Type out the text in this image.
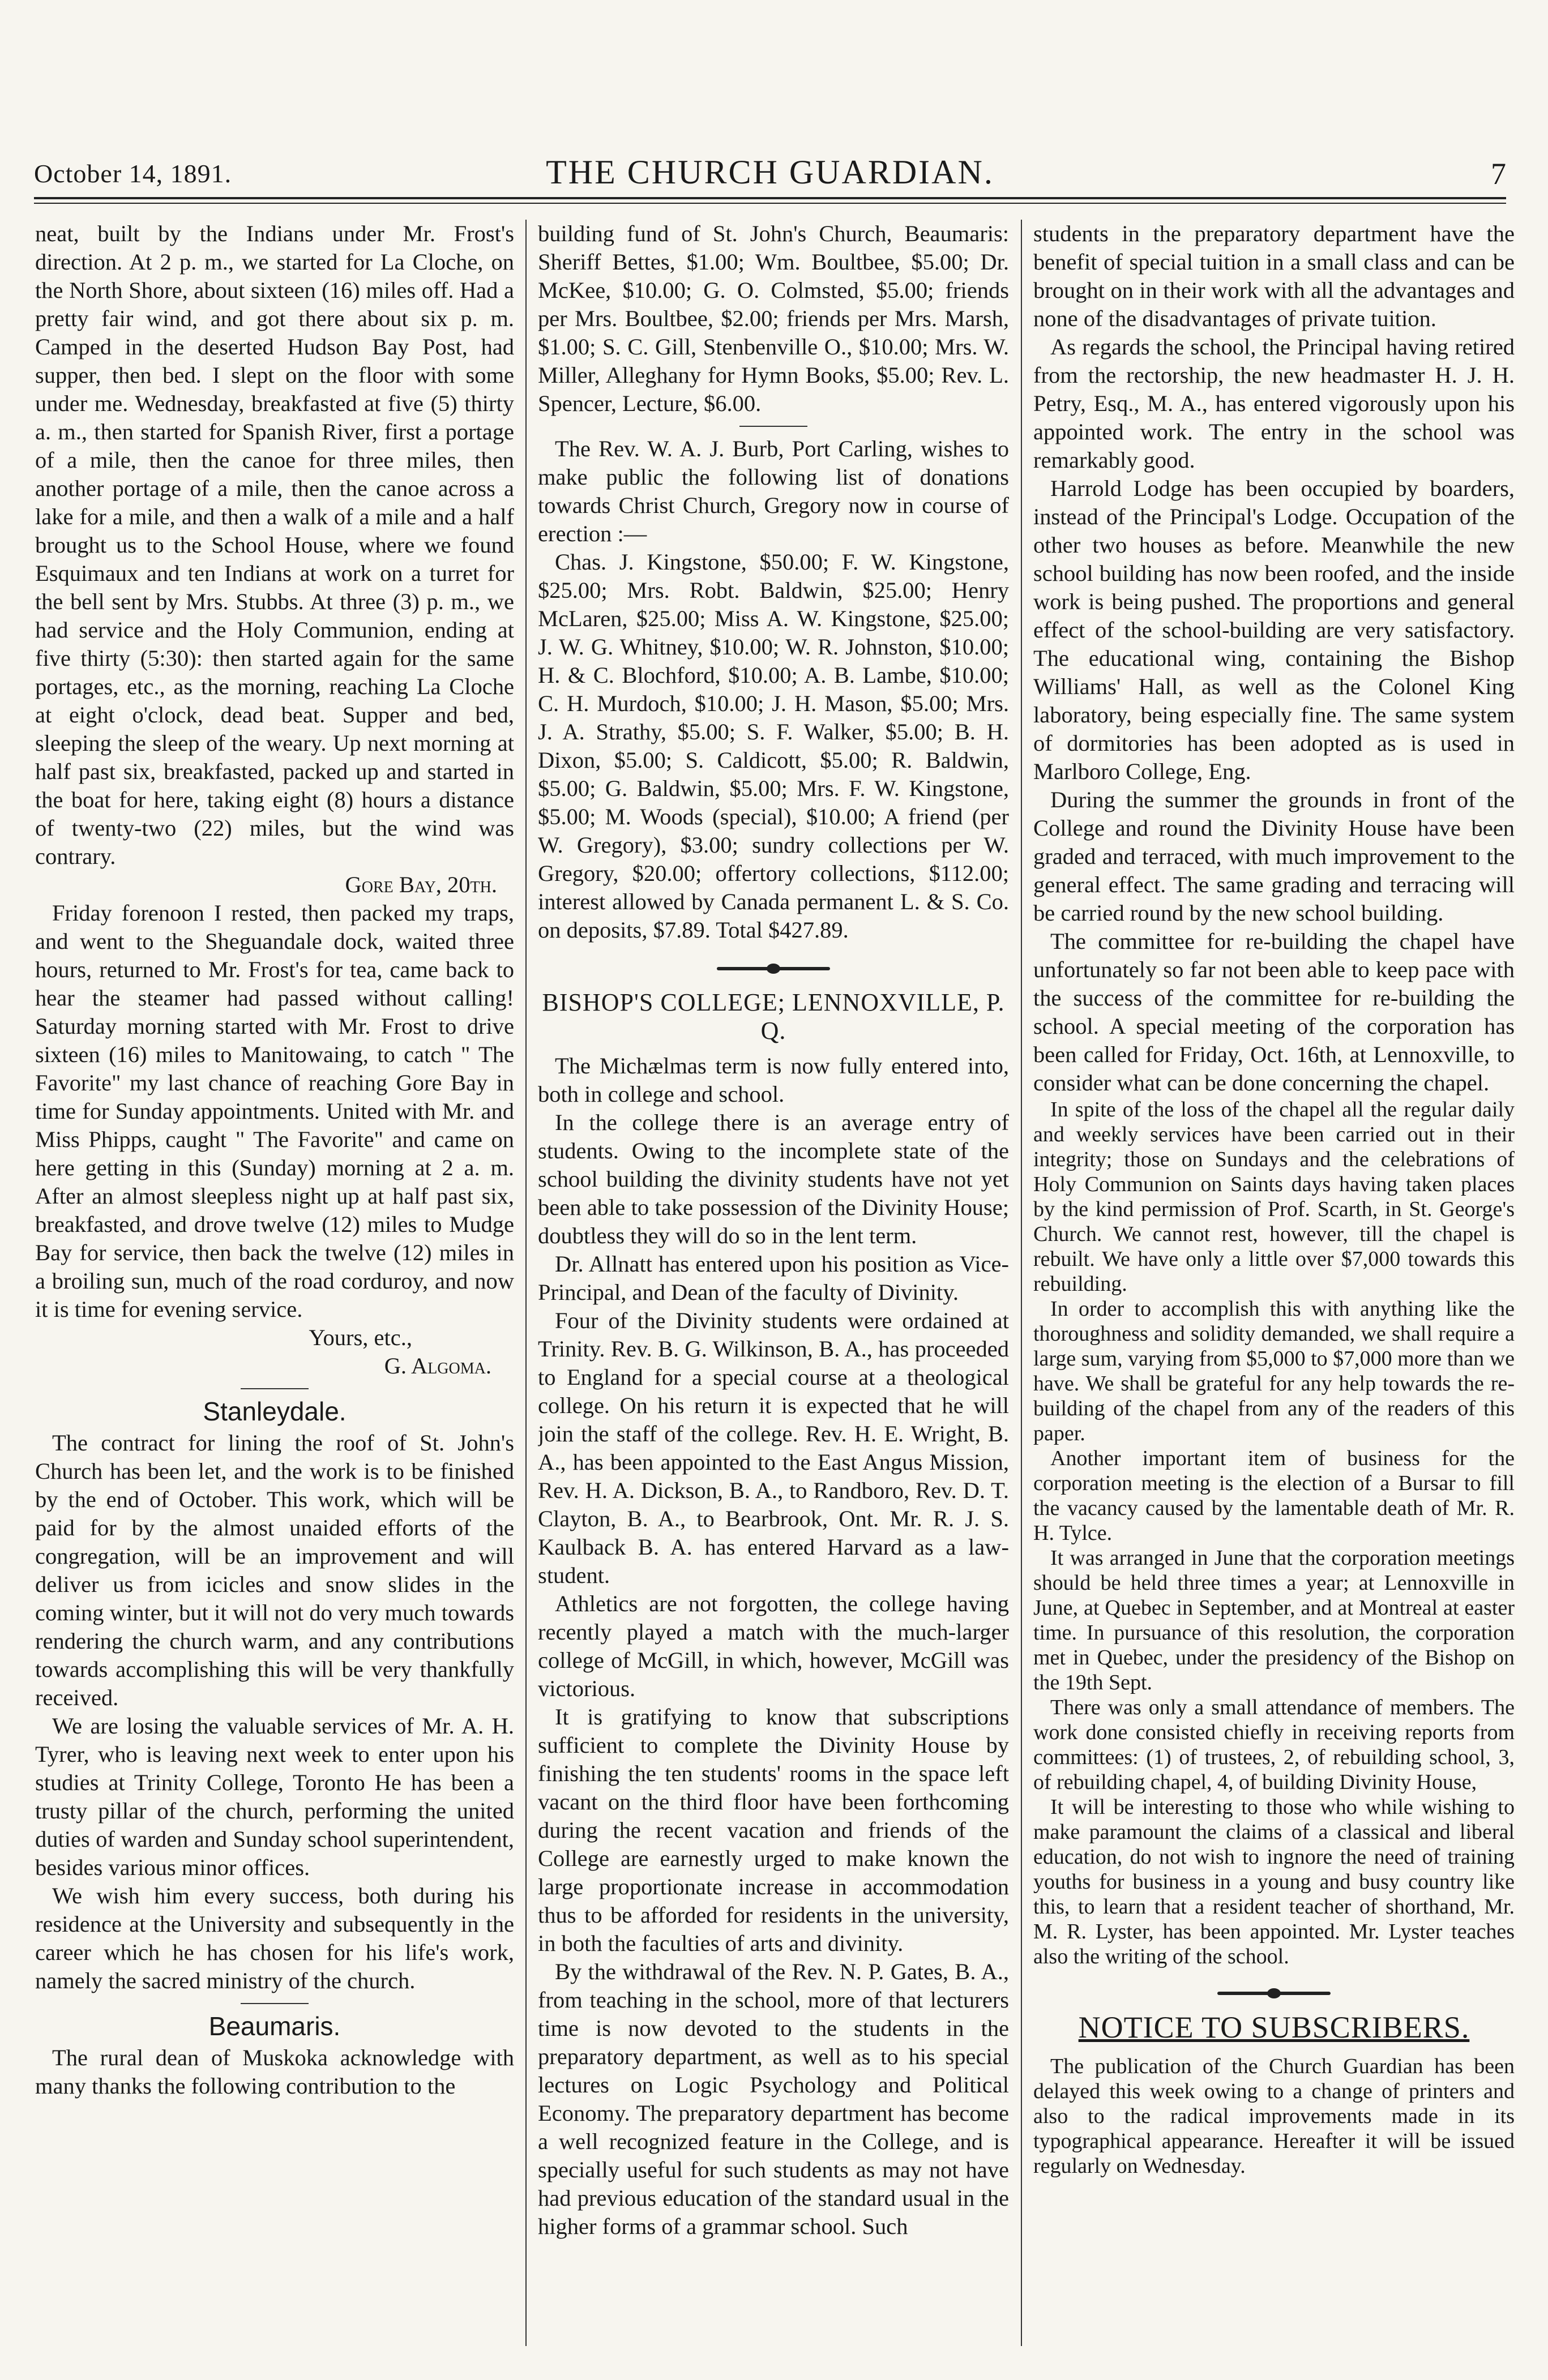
October 14, 1891.	THE CHURCH GUARDIAN.	7

neat, built by the Indians under Mr. Frost's direction. At 2 p. m., we started for La Cloche, on the North Shore, about sixteen (16) miles off. Had a pretty fair wind, and got there about six p. m. Camped in the deserted Hudson Bay Post, had supper, then bed. I slept on the floor with some under me. Wednesday, breakfasted at five (5) thirty a. m., then started for Spanish River, first a portage of a mile, then the canoe for three miles, then another portage of a mile, then the canoe across a lake for a mile, and then a walk of a mile and a half brought us to the School House, where we found Esquimaux and ten Indians at work on a turret for the bell sent by Mrs. Stubbs. At three (3) p. m., we had service and the Holy Communion, ending at five thirty (5:30): then started again for the same portages, etc., as the morning, reaching La Cloche at eight o'clock, dead beat. Supper and bed, sleeping the sleep of the weary. Up next morning at half past six, breakfasted, packed up and started in the boat for here, taking eight (8) hours a distance of twenty-two (22) miles, but the wind was contrary.

Gore Bay, 20th.

Friday forenoon I rested, then packed my traps, and went to the Sheguandale dock, waited three hours, returned to Mr. Frost's for tea, came back to hear the steamer had passed without calling! Saturday morning started with Mr. Frost to drive sixteen (16) miles to Manitowaing, to catch " The Favorite" my last chance of reaching Gore Bay in time for Sunday appointments. United with Mr. and Miss Phipps, caught " The Favorite" and came on here getting in this (Sunday) morning at 2 a. m. After an almost sleepless night up at half past six, breakfasted, and drove twelve (12) miles to Mudge Bay for service, then back the twelve (12) miles in a broiling sun, much of the road corduroy, and now it is time for evening service.

Yours, etc.,

G. Algoma.

Stanleydale.

The contract for lining the roof of St. John's Church has been let, and the work is to be finished by the end of October. This work, which will be paid for by the almost unaided efforts of the congregation, will be an improvement and will deliver us from icicles and snow slides in the coming winter, but it will not do very much towards rendering the church warm, and any contributions towards accomplishing this will be very thankfully received.

We are losing the valuable services of Mr. A. H. Tyrer, who is leaving next week to enter upon his studies at Trinity College, Toronto He has been a trusty pillar of the church, performing the united duties of warden and Sunday school superintendent, besides various minor offices.

We wish him every success, both during his residence at the University and subsequently in the career which he has chosen for his life's work, namely the sacred ministry of the church.

Beaumaris.

The rural dean of Muskoka acknowledge with many thanks the following contribution to the

building fund of St. John's Church, Beaumaris: Sheriff Bettes, $1.00; Wm. Boultbee, $5.00; Dr. McKee, $10.00; G. O. Colmsted, $5.00; friends per Mrs. Boultbee, $2.00; friends per Mrs. Marsh, $1.00; S. C. Gill, Stenbenville O., $10.00; Mrs. W. Miller, Alleghany for Hymn Books, $5.00; Rev. L. Spencer, Lecture, $6.00.

The Rev. W. A. J. Burb, Port Carling, wishes to make public the following list of donations towards Christ Church, Gregory now in course of erection :—

Chas. J. Kingstone, $50.00; F. W. Kingstone, $25.00; Mrs. Robt. Baldwin, $25.00; Henry McLaren, $25.00; Miss A. W. Kingstone, $25.00; J. W. G. Whitney, $10.00; W. R. Johnston, $10.00; H. & C. Blochford, $10.00; A. B. Lambe, $10.00; C. H. Murdoch, $10.00; J. H. Mason, $5.00; Mrs. J. A. Strathy, $5.00; S. F. Walker, $5.00; B. H. Dixon, $5.00; S. Caldicott, $5.00; R. Baldwin, $5.00; G. Baldwin, $5.00; Mrs. F. W. Kingstone, $5.00; M. Woods (special), $10.00; A friend (per W. Gregory), $3.00; sundry collections per W. Gregory, $20.00; offertory collections, $112.00; interest allowed by Canada permanent L. & S. Co. on deposits, $7.89. Total $427.89.

BISHOP'S COLLEGE; LENNOXVILLE, P. Q.

The Michælmas term is now fully entered into, both in college and school.

In the college there is an average entry of students. Owing to the incomplete state of the school building the divinity students have not yet been able to take possession of the Divinity House; doubtless they will do so in the lent term.

Dr. Allnatt has entered upon his position as Vice-Principal, and Dean of the faculty of Divinity.

Four of the Divinity students were ordained at Trinity. Rev. B. G. Wilkinson, B. A., has proceeded to England for a special course at a theological college. On his return it is expected that he will join the staff of the college. Rev. H. E. Wright, B. A., has been appointed to the East Angus Mission, Rev. H. A. Dickson, B. A., to Randboro, Rev. D. T. Clayton, B. A., to Bearbrook, Ont. Mr. R. J. S. Kaulback B. A. has entered Harvard as a law-student.

Athletics are not forgotten, the college having recently played a match with the much-larger college of McGill, in which, however, McGill was victorious.

It is gratifying to know that subscriptions sufficient to complete the Divinity House by finishing the ten students' rooms in the space left vacant on the third floor have been forthcoming during the recent vacation and friends of the College are earnestly urged to make known the large proportionate increase in accommodation thus to be afforded for residents in the university, in both the faculties of arts and divinity.

By the withdrawal of the Rev. N. P. Gates, B. A., from teaching in the school, more of that lecturers time is now devoted to the students in the preparatory department, as well as to his special lectures on Logic Psychology and Political Economy. The preparatory department has become a well recognized feature in the College, and is specially useful for such students as may not have had previous education of the standard usual in the higher forms of a grammar school. Such

students in the preparatory department have the benefit of special tuition in a small class and can be brought on in their work with all the advantages and none of the disadvantages of private tuition.

As regards the school, the Principal having retired from the rectorship, the new headmaster H. J. H. Petry, Esq., M. A., has entered vigorously upon his appointed work. The entry in the school was remarkably good.

Harrold Lodge has been occupied by boarders, instead of the Principal's Lodge. Occupation of the other two houses as before. Meanwhile the new school building has now been roofed, and the inside work is being pushed. The proportions and general effect of the school-building are very satisfactory. The educational wing, containing the Bishop Williams' Hall, as well as the Colonel King laboratory, being especially fine. The same system of dormitories has been adopted as is used in Marlboro College, Eng.

During the summer the grounds in front of the College and round the Divinity House have been graded and terraced, with much improvement to the general effect. The same grading and terracing will be carried round by the new school building.

The committee for re-building the chapel have unfortunately so far not been able to keep pace with the success of the committee for re-building the school. A special meeting of the corporation has been called for Friday, Oct. 16th, at Lennoxville, to consider what can be done concerning the chapel.

In spite of the loss of the chapel all the regular daily and weekly services have been carried out in their integrity; those on Sundays and the celebrations of Holy Communion on Saints days having taken places by the kind permission of Prof. Scarth, in St. George's Church. We cannot rest, however, till the chapel is rebuilt. We have only a little over $7,000 towards this rebuilding.

In order to accomplish this with anything like the thoroughness and solidity demanded, we shall require a large sum, varying from $5,000 to $7,000 more than we have. We shall be grateful for any help towards the re-building of the chapel from any of the readers of this paper.

Another important item of business for the corporation meeting is the election of a Bursar to fill the vacancy caused by the lamentable death of Mr. R. H. Tylce.

It was arranged in June that the corporation meetings should be held three times a year; at Lennoxville in June, at Quebec in September, and at Montreal at easter time. In pursuance of this resolution, the corporation met in Quebec, under the presidency of the Bishop on the 19th Sept.

There was only a small attendance of members. The work done consisted chiefly in receiving reports from committees: (1) of trustees, 2, of rebuilding school, 3, of rebuilding chapel, 4, of building Divinity House,

It will be interesting to those who while wishing to make paramount the claims of a classical and liberal education, do not wish to ingnore the need of training youths for business in a young and busy country like this, to learn that a resident teacher of shorthand, Mr. M. R. Lyster, has been appointed. Mr. Lyster teaches also the writing of the school.

NOTICE TO SUBSCRIBERS.

The publication of the Church Guardian has been delayed this week owing to a change of printers and also to the radical improvements made in its typographical appearance. Hereafter it will be issued regularly on Wednesday.
